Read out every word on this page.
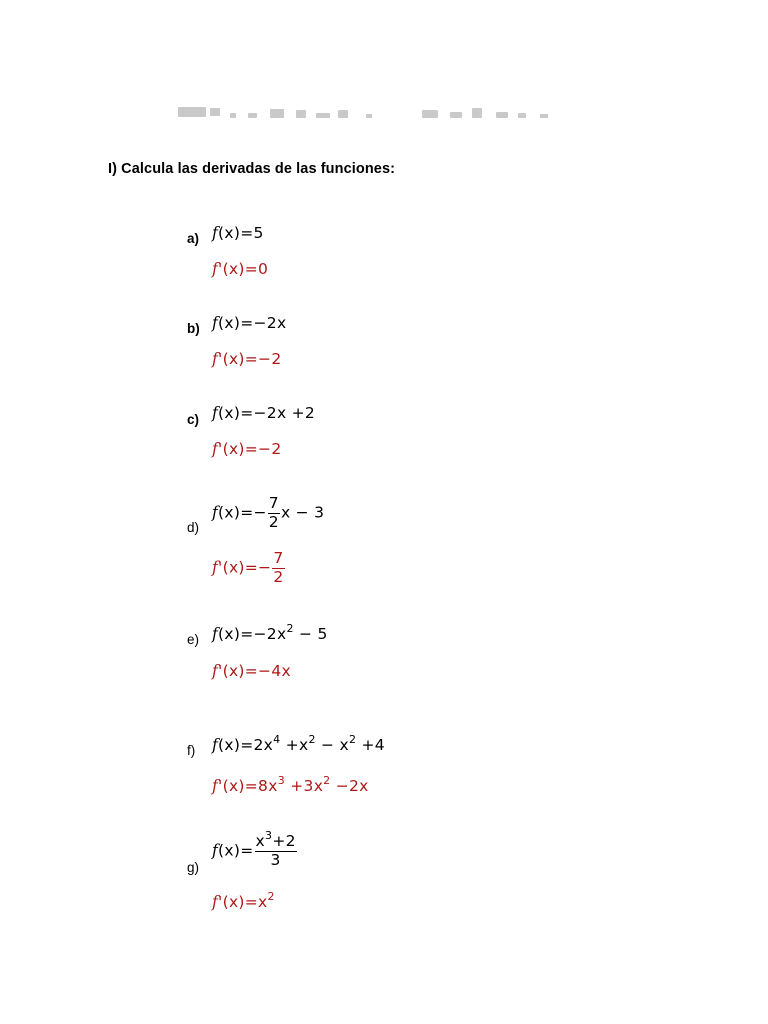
I) Calcula las derivadas de las funciones:
a) f(x)=5
f'(x)=0
b) f(x)=−2x
f'(x)=−2
c) f(x)=−2x +2
f'(x)=−2
d)
$f(x)=- \frac{7}{2}$ x − 3
$f'(x)=- \frac{7}{2}$
e) $f(x)=-2x^2 - 5$
f'(x)=−4x
f) $f(x)=2x^4 +x^2 - x^2 +4$
$f'(x)=8x^3 +3x^2 -2x$
g)
$f(x)= \frac{x^3+2}{3}$
$f'(x)=x^2$
